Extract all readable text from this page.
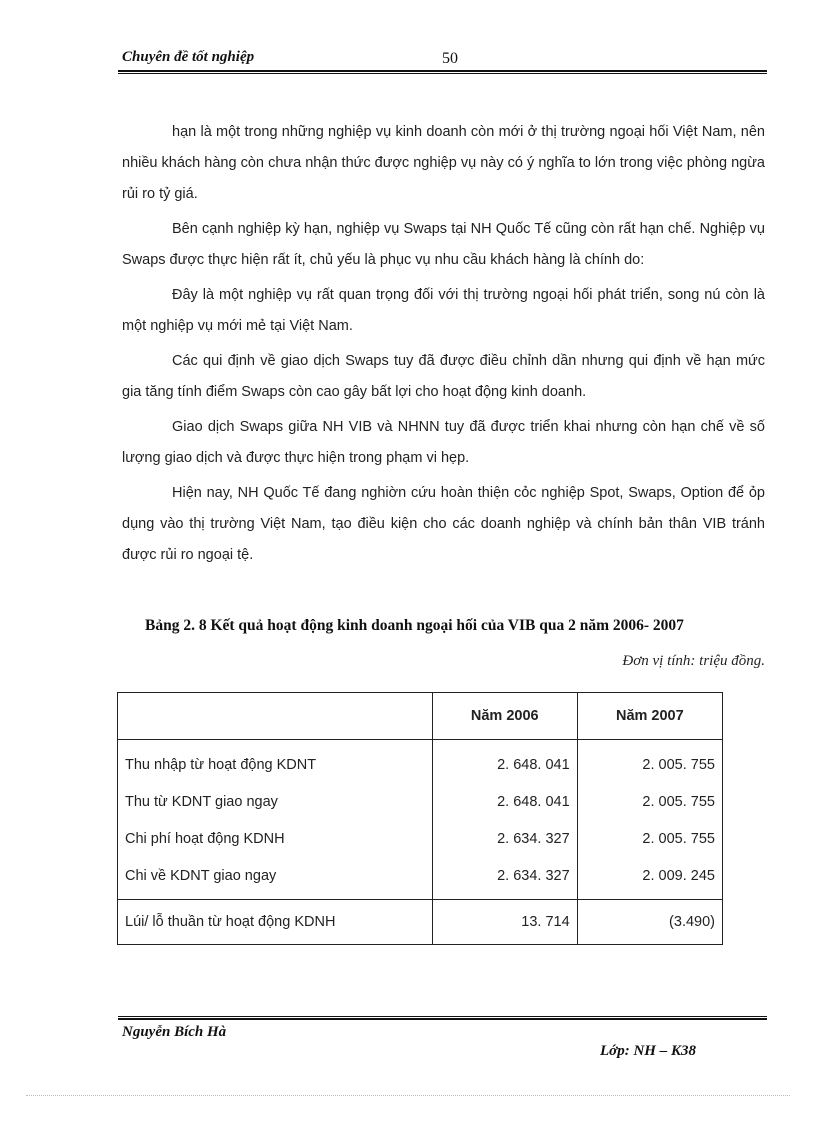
Chuyên đề tốt nghiệp	50

hạn là một trong những nghiệp vụ kinh doanh còn mới ở thị trường ngoại hối Việt Nam, nên nhiều khách hàng còn chưa nhận thức được nghiệp vụ này có ý nghĩa to lớn trong việc phòng ngừa rủi ro tỷ giá.

Bên cạnh nghiệp kỳ hạn, nghiệp vụ Swaps tại NH Quốc Tế cũng còn rất hạn chế. Nghiệp vụ Swaps được thực hiện rất ít, chủ yếu là phục vụ nhu cầu khách hàng là chính do:

Đây là một nghiệp vụ rất quan trọng đối với thị trường ngoại hối phát triển, song nú còn là một nghiệp vụ mới mẻ tại Việt Nam.

Các qui định về giao dịch Swaps tuy đã được điều chỉnh dần nhưng qui định về hạn mức gia tăng tính điểm Swaps còn cao gây bất lợi cho hoạt động kinh doanh.

Giao dịch Swaps giữa NH VIB và NHNN tuy đã được triển khai nhưng còn hạn chế về số lượng giao dịch và được thực hiện trong phạm vi hẹp.

Hiện nay, NH Quốc Tế đang nghiờn cứu hoàn thiện cỏc nghiệp Spot, Swaps, Option để ỏp dụng vào thị trường Việt Nam, tạo điều kiện cho các doanh nghiệp và chính bản thân VIB tránh được rủi ro ngoại tệ.

Bảng 2. 8 Kết quả hoạt động kinh doanh ngoại hối của VIB qua 2 năm 2006- 2007
Đơn vị tính: triệu đồng.
	Năm 2006	Năm 2007
Thu nhập từ hoạt động KDNT	2. 648. 041	2. 005. 755
Thu từ KDNT giao ngay	2. 648. 041	2. 005. 755
Chi phí hoạt động KDNH	2. 634. 327	2. 005. 755
Chi về KDNT giao ngay	2. 634. 327	2. 009. 245
Lúi/ lỗ thuần từ hoạt động KDNH	13. 714	(3.490)
Nguyễn Bích Hà
Lớp: NH – K38
